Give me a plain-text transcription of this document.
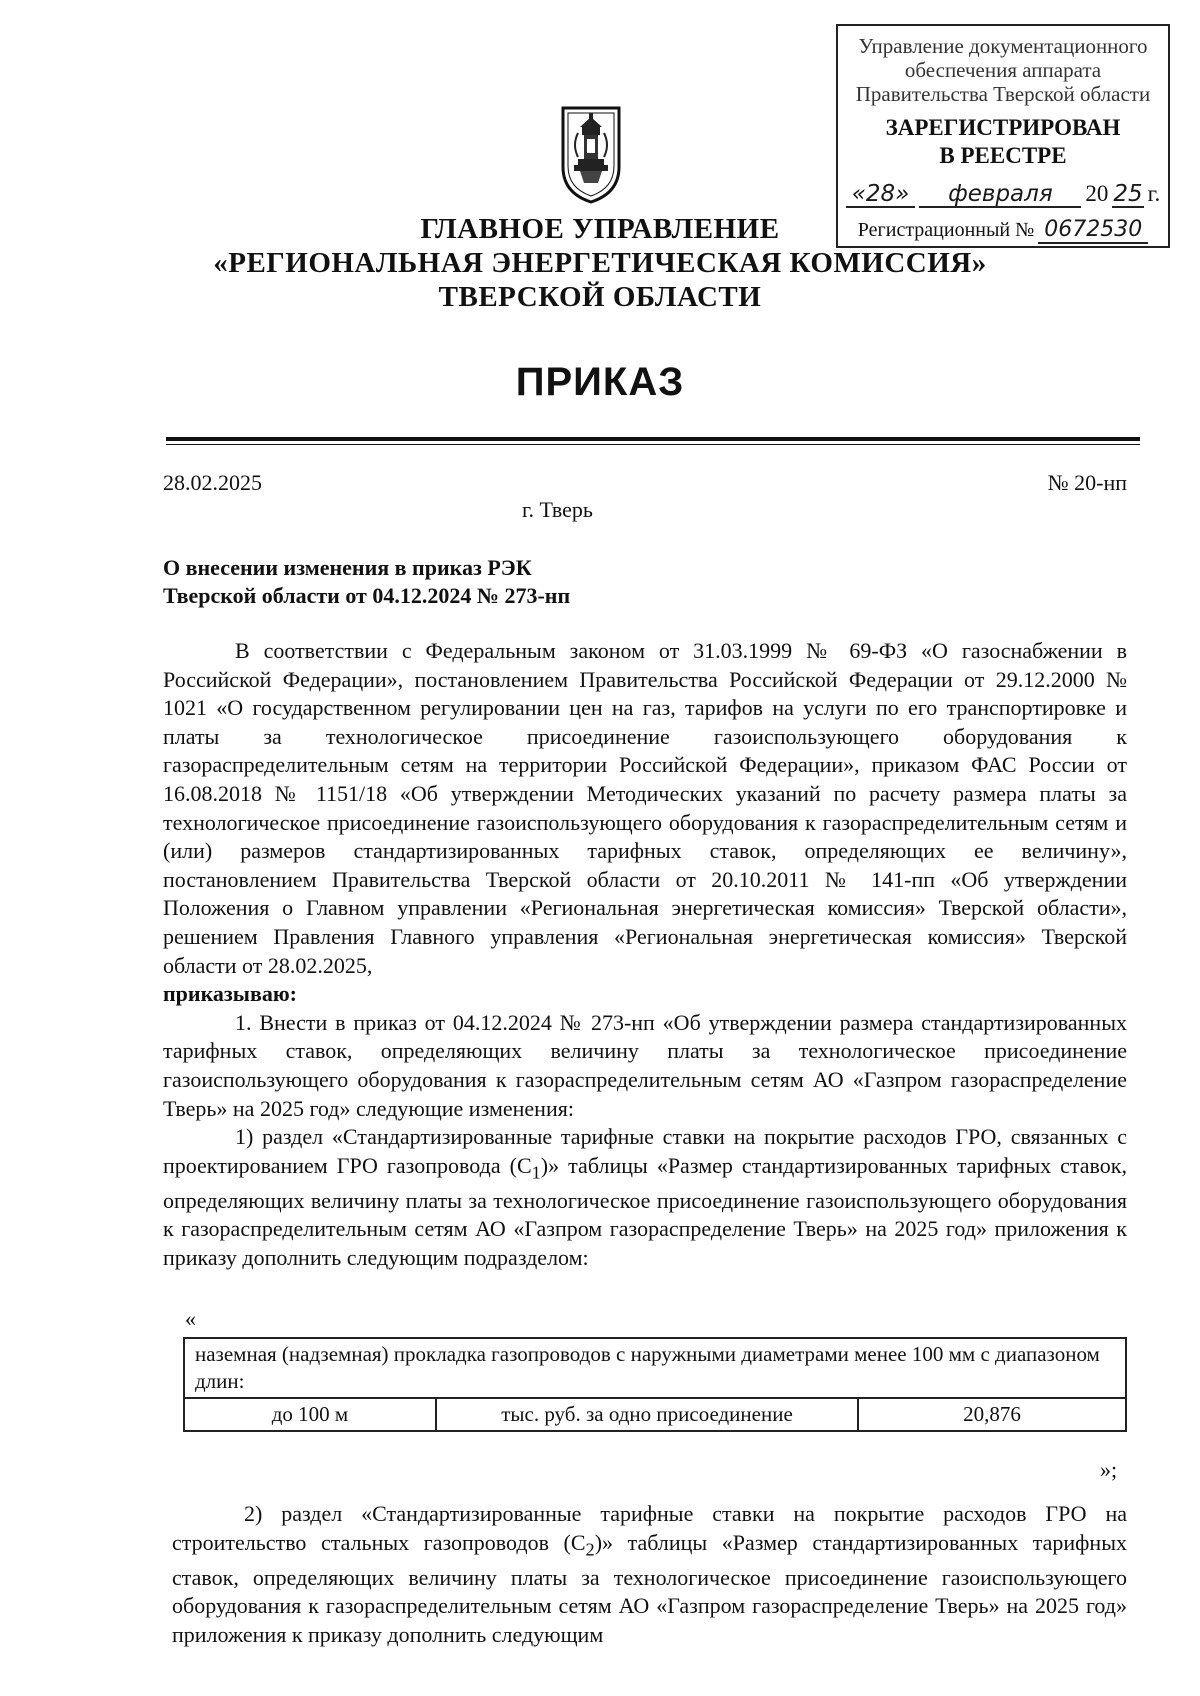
Управление документационного
обеспечения аппарата
Правительства Тверской области
ЗАРЕГИСТРИРОВАН
В РЕЕСТРЕ
«28»	февраля	20 25 г.
Регистрационный № 0672530
ГЛАВНОЕ УПРАВЛЕНИЕ
«РЕГИОНАЛЬНАЯ ЭНЕРГЕТИЧЕСКАЯ КОМИССИЯ»
ТВЕРСКОЙ ОБЛАСТИ
ПРИКАЗ
28.02.2025	№ 20-нп
г. Тверь
О внесении изменения в приказ РЭК
Тверской области от 04.12.2024 № 273-нп

В соответствии с Федеральным законом от 31.03.1999 № 69-ФЗ «О газоснабжении в Российской Федерации», постановлением Правительства Российской Федерации от 29.12.2000 № 1021 «О государственном регулировании цен на газ, тарифов на услуги по его транспортировке и платы за технологическое присоединение газоиспользующего оборудования к газораспределительным сетям на территории Российской Федерации», приказом ФАС России от 16.08.2018 № 1151/18 «Об утверждении Методических указаний по расчету размера платы за технологическое присоединение газоиспользующего оборудования к газораспределительным сетям и (или) размеров стандартизированных тарифных ставок, определяющих ее величину», постановлением Правительства Тверской области от 20.10.2011 № 141-пп «Об утверждении Положения о Главном управлении «Региональная энергетическая комиссия» Тверской области», решением Правления Главного управления «Региональная энергетическая комиссия» Тверской области от 28.02.2025,

приказываю:

1. Внести в приказ от 04.12.2024 № 273-нп «Об утверждении размера стандартизированных тарифных ставок, определяющих величину платы за технологическое присоединение газоиспользующего оборудования к газораспределительным сетям АО «Газпром газораспределение Тверь» на 2025 год» следующие изменения:

1) раздел «Стандартизированные тарифные ставки на покрытие расходов ГРО, связанных с проектированием ГРО газопровода $(С_1)$» таблицы «Размер стандартизированных тарифных ставок, определяющих величину платы за технологическое присоединение газоиспользующего оборудования к газораспределительным сетям АО «Газпром газораспределение Тверь» на 2025 год» приложения к приказу дополнить следующим подразделом:

«
наземная (надземная) прокладка газопроводов с наружными диаметрами менее 100 мм с диапазоном длин:
до 100 м	тыс. руб. за одно присоединение	20,876
»;

2) раздел «Стандартизированные тарифные ставки на покрытие расходов ГРО на строительство стальных газопроводов $(С_2)$» таблицы «Размер стандартизированных тарифных ставок, определяющих величину платы за технологическое присоединение газоиспользующего оборудования к газораспределительным сетям АО «Газпром газораспределение Тверь» на 2025 год» приложения к приказу дополнить следующим
